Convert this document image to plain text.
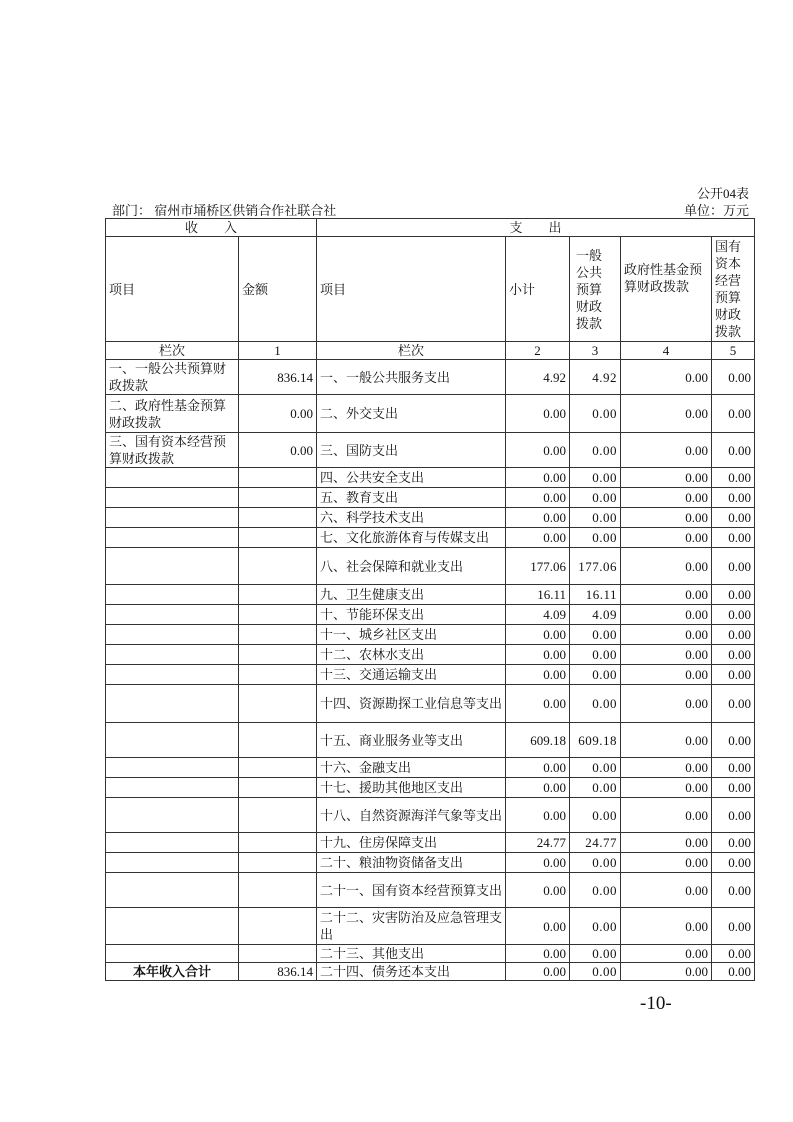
公开04表
部门： 宿州市埇桥区供销合作社联合社	单位：万元
收　　入		支　　出				
项目	金额	项目	小计	一般公共预算财政拨款	政府性基金预算财政拨款	国有资本经营预算财政拨款
栏次	1	栏次	2	3	4	5
一、一般公共预算财政拨款	836.14	一、一般公共服务支出	4.92	4.92	0.00	0.00
二、政府性基金预算财政拨款	0.00	二、外交支出	0.00	0.00	0.00	0.00
三、国有资本经营预算财政拨款	0.00	三、国防支出	0.00	0.00	0.00	0.00
		四、公共安全支出	0.00	0.00	0.00	0.00
		五、教育支出	0.00	0.00	0.00	0.00
		六、科学技术支出	0.00	0.00	0.00	0.00
		七、文化旅游体育与传媒支出	0.00	0.00	0.00	0.00
		八、社会保障和就业支出	177.06	177.06	0.00	0.00
		九、卫生健康支出	16.11	16.11	0.00	0.00
		十、节能环保支出	4.09	4.09	0.00	0.00
		十一、城乡社区支出	0.00	0.00	0.00	0.00
		十二、农林水支出	0.00	0.00	0.00	0.00
		十三、交通运输支出	0.00	0.00	0.00	0.00
		十四、资源勘探工业信息等支出	0.00	0.00	0.00	0.00
		十五、商业服务业等支出	609.18	609.18	0.00	0.00
		十六、金融支出	0.00	0.00	0.00	0.00
		十七、援助其他地区支出	0.00	0.00	0.00	0.00
		十八、自然资源海洋气象等支出	0.00	0.00	0.00	0.00
		十九、住房保障支出	24.77	24.77	0.00	0.00
		二十、粮油物资储备支出	0.00	0.00	0.00	0.00
		二十一、国有资本经营预算支出	0.00	0.00	0.00	0.00
		二十二、灾害防治及应急管理支出	0.00	0.00	0.00	0.00
		二十三、其他支出	0.00	0.00	0.00	0.00
本年收入合计	836.14	二十四、债务还本支出	0.00	0.00	0.00	0.00
-10-
